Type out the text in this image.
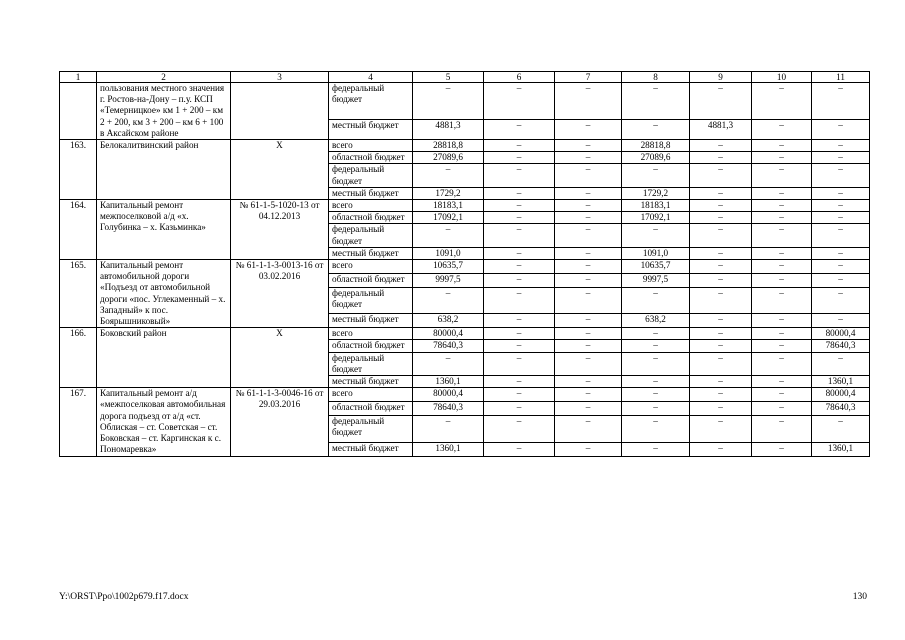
1	2	3	4	5	6	7	8	9	10	11
	пользования местного значения г. Ростов-на-Дону – п.у. КСП «Темерницкое» км 1 + 200 – км 2 + 200, км 3 + 200 – км 6 + 100 в Аксайском районе		федеральный бюджет	–	–	–	–	–	–	–
			местный бюджет	4881,3	–	–	–	4881,3	–	–
163.	Белокалитвинский район	Х	всего	28818,8	–	–	28818,8	–	–	–
			областной бюджет	27089,6	–	–	27089,6	–	–	–
			федеральный бюджет	–	–	–	–	–	–	–
			местный бюджет	1729,2	–	–	1729,2	–	–	–
164.	Капитальный ремонт межпоселковой а/д «х. Голубинка – х. Казьминка»	№ 61-1-5-1020-13 от 04.12.2013	всего	18183,1	–	–	18183,1	–	–	–
			областной бюджет	17092,1	–	–	17092,1	–	–	–
			федеральный бюджет	–	–	–	–	–	–	–
			местный бюджет	1091,0	–	–	1091,0	–	–	–
165.	Капитальный ремонт автомобильной дороги «Подъезд от автомобильной дороги «пос. Углекаменный – х. Западный» к пос. Боярышниковый»	№ 61-1-1-3-0013-16 от 03.02.2016	всего	10635,7	–	–	10635,7	–	–	–
			областной бюджет	9997,5	–	–	9997,5	–	–	–
			федеральный бюджет	–	–	–	–	–	–	–
			местный бюджет	638,2	–	–	638,2	–	–	–
166.	Боковский район	Х	всего	80000,4	–	–	–	–	–	80000,4
			областной бюджет	78640,3	–	–	–	–	–	78640,3
			федеральный бюджет	–	–	–	–	–	–	–
			местный бюджет	1360,1	–	–	–	–	–	1360,1
167.	Капитальный ремонт а/д «межпоселковая автомобильная дорога подъезд от а/д «ст. Облиская – ст. Советская – ст. Боковская – ст. Каргинская к с. Пономаревка»	№ 61-1-1-3-0046-16 от 29.03.2016	всего	80000,4	–	–	–	–	–	80000,4
			областной бюджет	78640,3	–	–	–	–	–	78640,3
			федеральный бюджет	–	–	–	–	–	–	–
			местный бюджет	1360,1	–	–	–	–	–	1360,1
Y:\ORST\Ppo\1002p679.f17.docx	130
